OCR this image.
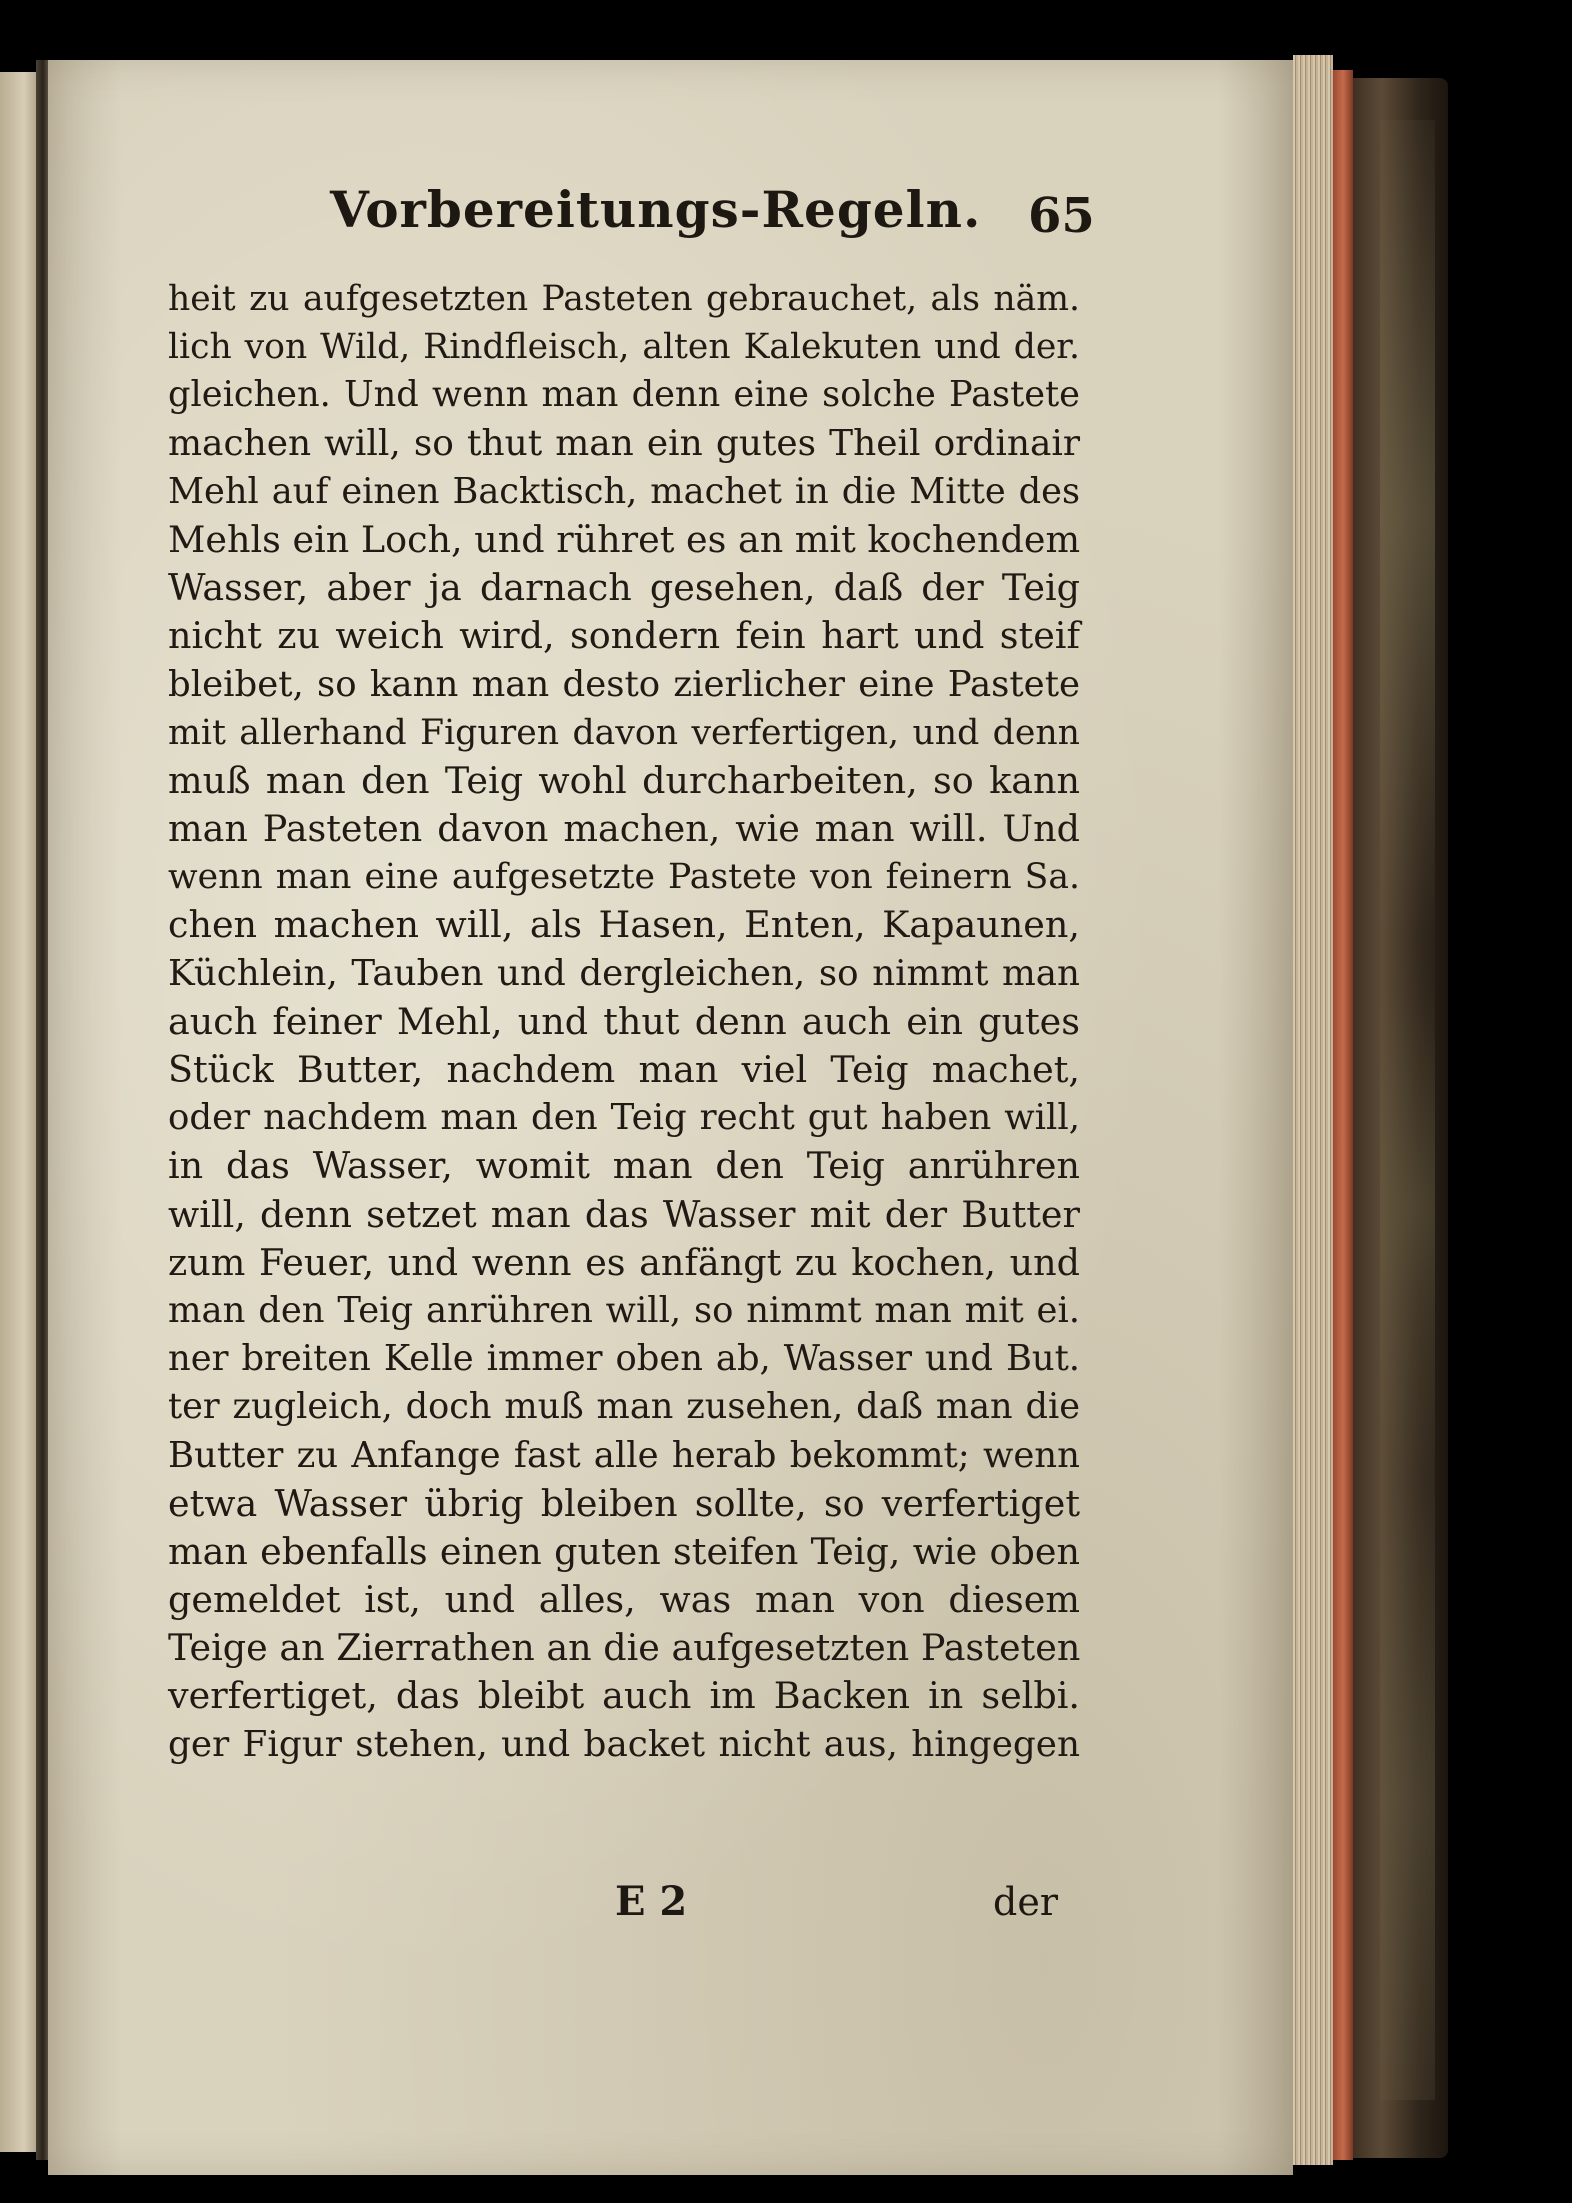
Vorbereitungs-Regeln. 65
heit zu aufgesetzten Pasteten gebrauchet, als näm.
lich von Wild, Rindfleisch, alten Kalekuten und der.
gleichen. Und wenn man denn eine solche Pastete
machen will, so thut man ein gutes Theil ordinair
Mehl auf einen Backtisch, machet in die Mitte des
Mehls ein Loch, und rühret es an mit kochendem
Wasser, aber ja darnach gesehen, daß der Teig
nicht zu weich wird, sondern fein hart und steif
bleibet, so kann man desto zierlicher eine Pastete
mit allerhand Figuren davon verfertigen, und denn
muß man den Teig wohl durcharbeiten, so kann
man Pasteten davon machen, wie man will. Und
wenn man eine aufgesetzte Pastete von feinern Sa.
chen machen will, als Hasen, Enten, Kapaunen,
Küchlein, Tauben und dergleichen, so nimmt man
auch feiner Mehl, und thut denn auch ein gutes
Stück Butter, nachdem man viel Teig machet,
oder nachdem man den Teig recht gut haben will,
in das Wasser, womit man den Teig anrühren
will, denn setzet man das Wasser mit der Butter
zum Feuer, und wenn es anfängt zu kochen, und
man den Teig anrühren will, so nimmt man mit ei.
ner breiten Kelle immer oben ab, Wasser und But.
ter zugleich, doch muß man zusehen, daß man die
Butter zu Anfange fast alle herab bekommt; wenn
etwa Wasser übrig bleiben sollte, so verfertiget
man ebenfalls einen guten steifen Teig, wie oben
gemeldet ist, und alles, was man von diesem
Teige an Zierrathen an die aufgesetzten Pasteten
verfertiget, das bleibt auch im Backen in selbi.
ger Figur stehen, und backet nicht aus, hingegen
E 2	der
